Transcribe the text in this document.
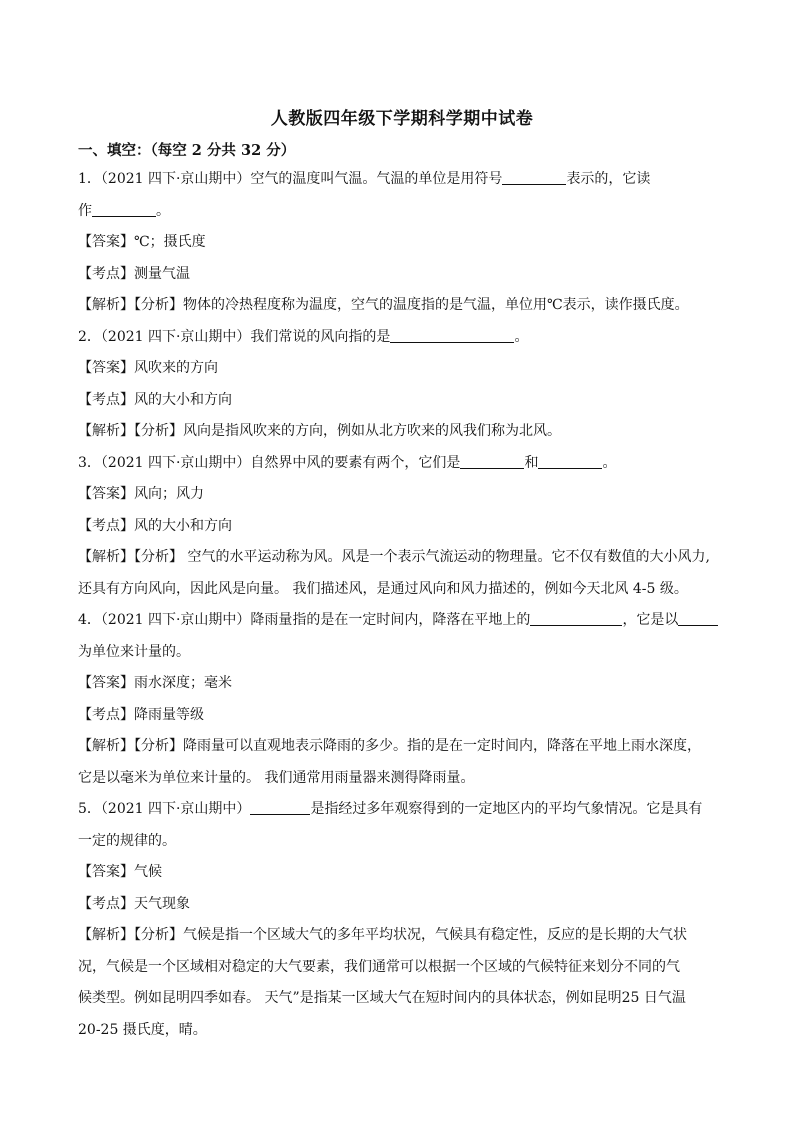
人教版四年级下学期科学期中试卷
一、填空：（每空 2 分共 32 分）
1．（2021 四下·京山期中）空气的温度叫气温。气温的单位是用符号	表示的，它读
作	。
【答案】℃；摄氏度
【考点】测量气温
【解析】【分析】物体的冷热程度称为温度，空气的温度指的是气温，单位用℃表示，读作摄氏度。
2．（2021 四下·京山期中）我们常说的风向指的是	。
【答案】风吹来的方向
【考点】风的大小和方向
【解析】【分析】风向是指风吹来的方向，例如从北方吹来的风我们称为北风。
3．（2021 四下·京山期中）自然界中风的要素有两个，它们是	和	。
【答案】风向；风力
【考点】风的大小和方向
【解析】【分析】 空气的水平运动称为风。风是一个表示气流运动的物理量。它不仅有数值的大小风力,
还具有方向风向，因此风是向量。 我们描述风，是通过风向和风力描述的，例如今天北风 4-5 级。
4．（2021 四下·京山期中）降雨量指的是在一定时间内，降落在平地上的	，它是以
为单位来计量的。
【答案】雨水深度；毫米
【考点】降雨量等级
【解析】【分析】降雨量可以直观地表示降雨的多少。指的是在一定时间内，降落在平地上雨水深度，
它是以毫米为单位来计量的。 我们通常用雨量器来测得降雨量。
5．（2021 四下·京山期中）	是指经过多年观察得到的一定地区内的平均气象情况。它是具有
一定的规律的。
【答案】气候
【考点】天气现象
【解析】【分析】气候是指一个区域大气的多年平均状况，气候具有稳定性，反应的是长期的大气状
况，气候是一个区域相对稳定的大气要素，我们通常可以根据一个区域的气候特征来划分不同的气
候类型。例如昆明四季如春。 天气”是指某一区域大气在短时间内的具体状态，例如昆明25 日气温
20-25 摄氏度，晴。
